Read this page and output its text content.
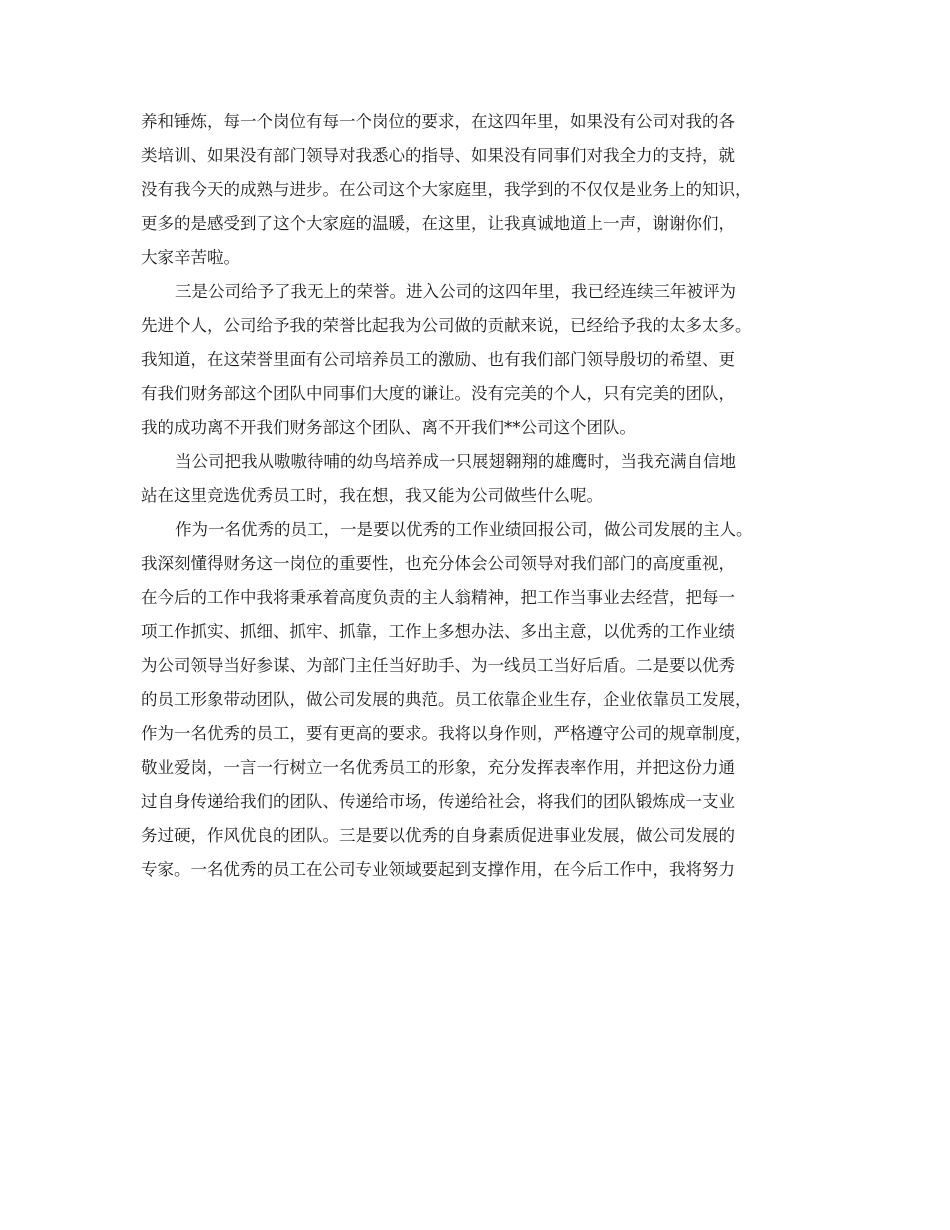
养和锤炼，每一个岗位有每一个岗位的要求，在这四年里，如果没有公司对我的各
类培训、如果没有部门领导对我悉心的指导、如果没有同事们对我全力的支持，就
没有我今天的成熟与进步。在公司这个大家庭里，我学到的不仅仅是业务上的知识，
更多的是感受到了这个大家庭的温暖，在这里，让我真诚地道上一声，谢谢你们，
大家辛苦啦。
三是公司给予了我无上的荣誉。进入公司的这四年里，我已经连续三年被评为
先进个人，公司给予我的荣誉比起我为公司做的贡献来说，已经给予我的太多太多。
我知道，在这荣誉里面有公司培养员工的激励、也有我们部门领导殷切的希望、更
有我们财务部这个团队中同事们大度的谦让。没有完美的个人，只有完美的团队，
我的成功离不开我们财务部这个团队、离不开我们**公司这个团队。
当公司把我从嗷嗷待哺的幼鸟培养成一只展翅翱翔的雄鹰时，当我充满自信地
站在这里竞选优秀员工时，我在想，我又能为公司做些什么呢。
作为一名优秀的员工，一是要以优秀的工作业绩回报公司，做公司发展的主人。
我深刻懂得财务这一岗位的重要性，也充分体会公司领导对我们部门的高度重视，
在今后的工作中我将秉承着高度负责的主人翁精神，把工作当事业去经营，把每一
项工作抓实、抓细、抓牢、抓靠，工作上多想办法、多出主意，以优秀的工作业绩
为公司领导当好参谋、为部门主任当好助手、为一线员工当好后盾。二是要以优秀
的员工形象带动团队，做公司发展的典范。员工依靠企业生存，企业依靠员工发展，
作为一名优秀的员工，要有更高的要求。我将以身作则，严格遵守公司的规章制度，
敬业爱岗，一言一行树立一名优秀员工的形象，充分发挥表率作用，并把这份力通
过自身传递给我们的团队、传递给市场，传递给社会，将我们的团队锻炼成一支业
务过硬，作风优良的团队。三是要以优秀的自身素质促进事业发展，做公司发展的
专家。一名优秀的员工在公司专业领域要起到支撑作用，在今后工作中，我将努力
